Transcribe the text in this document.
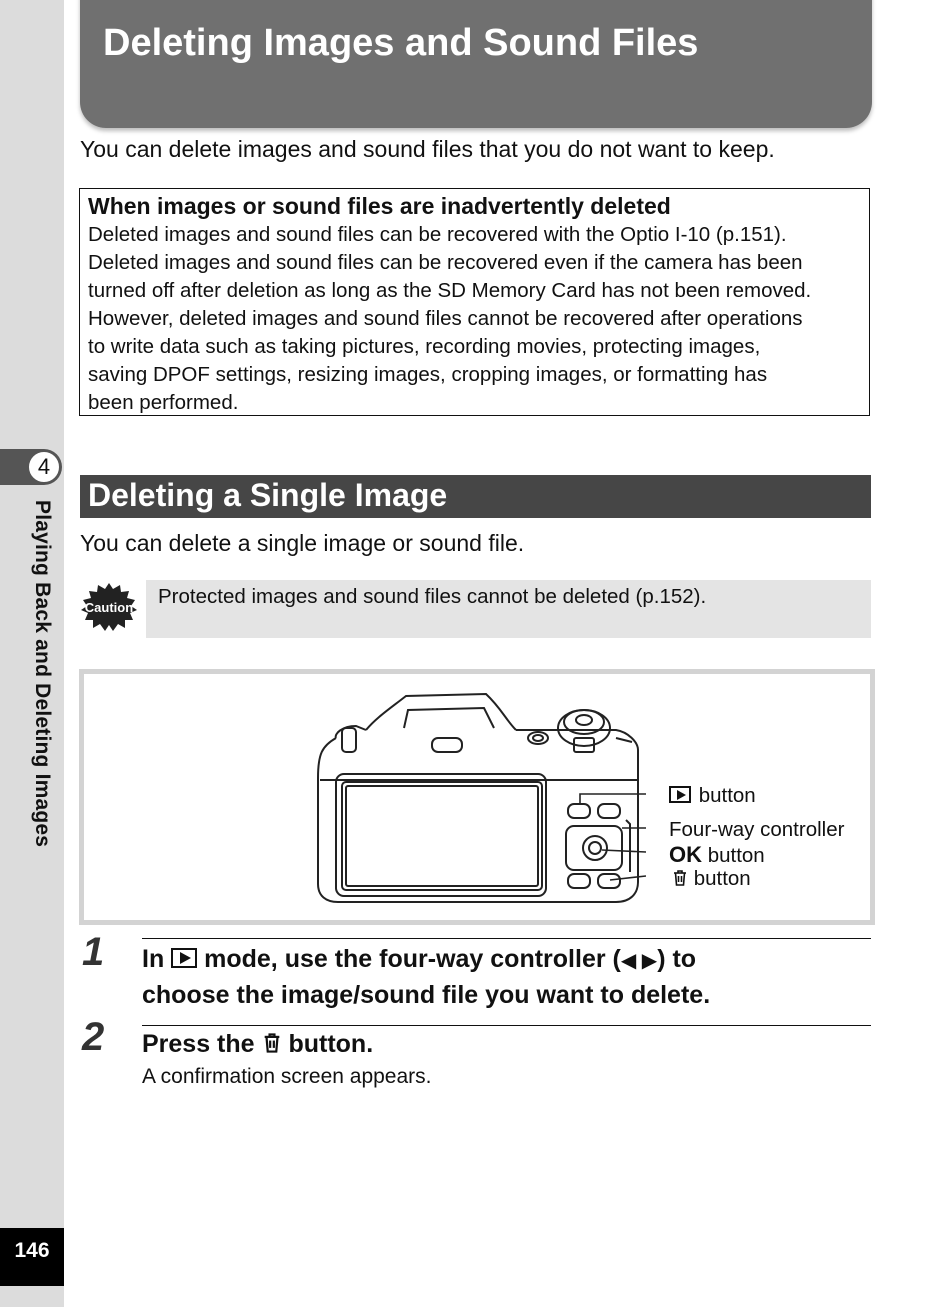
4
Playing Back and Deleting Images
146
Deleting Images and Sound Files
You can delete images and sound files that you do not want to keep.
When images or sound files are inadvertently deleted
Deleted images and sound files can be recovered with the Optio I-10 (p.151).
Deleted images and sound files can be recovered even if the camera has been
turned off after deletion as long as the SD Memory Card has not been removed.
However, deleted images and sound files cannot be recovered after operations
to write data such as taking pictures, recording movies, protecting images,
saving DPOF settings, resizing images, cropping images, or formatting has
been performed.
Deleting a Single Image
You can delete a single image or sound file.
Caution Protected images and sound files cannot be deleted (p.152).
button
Four-way controller
OK button
button
1 In mode, use the four-way controller (◀ ▶) to
choose the image/sound file you want to delete.
2 Press the button.
A confirmation screen appears.
